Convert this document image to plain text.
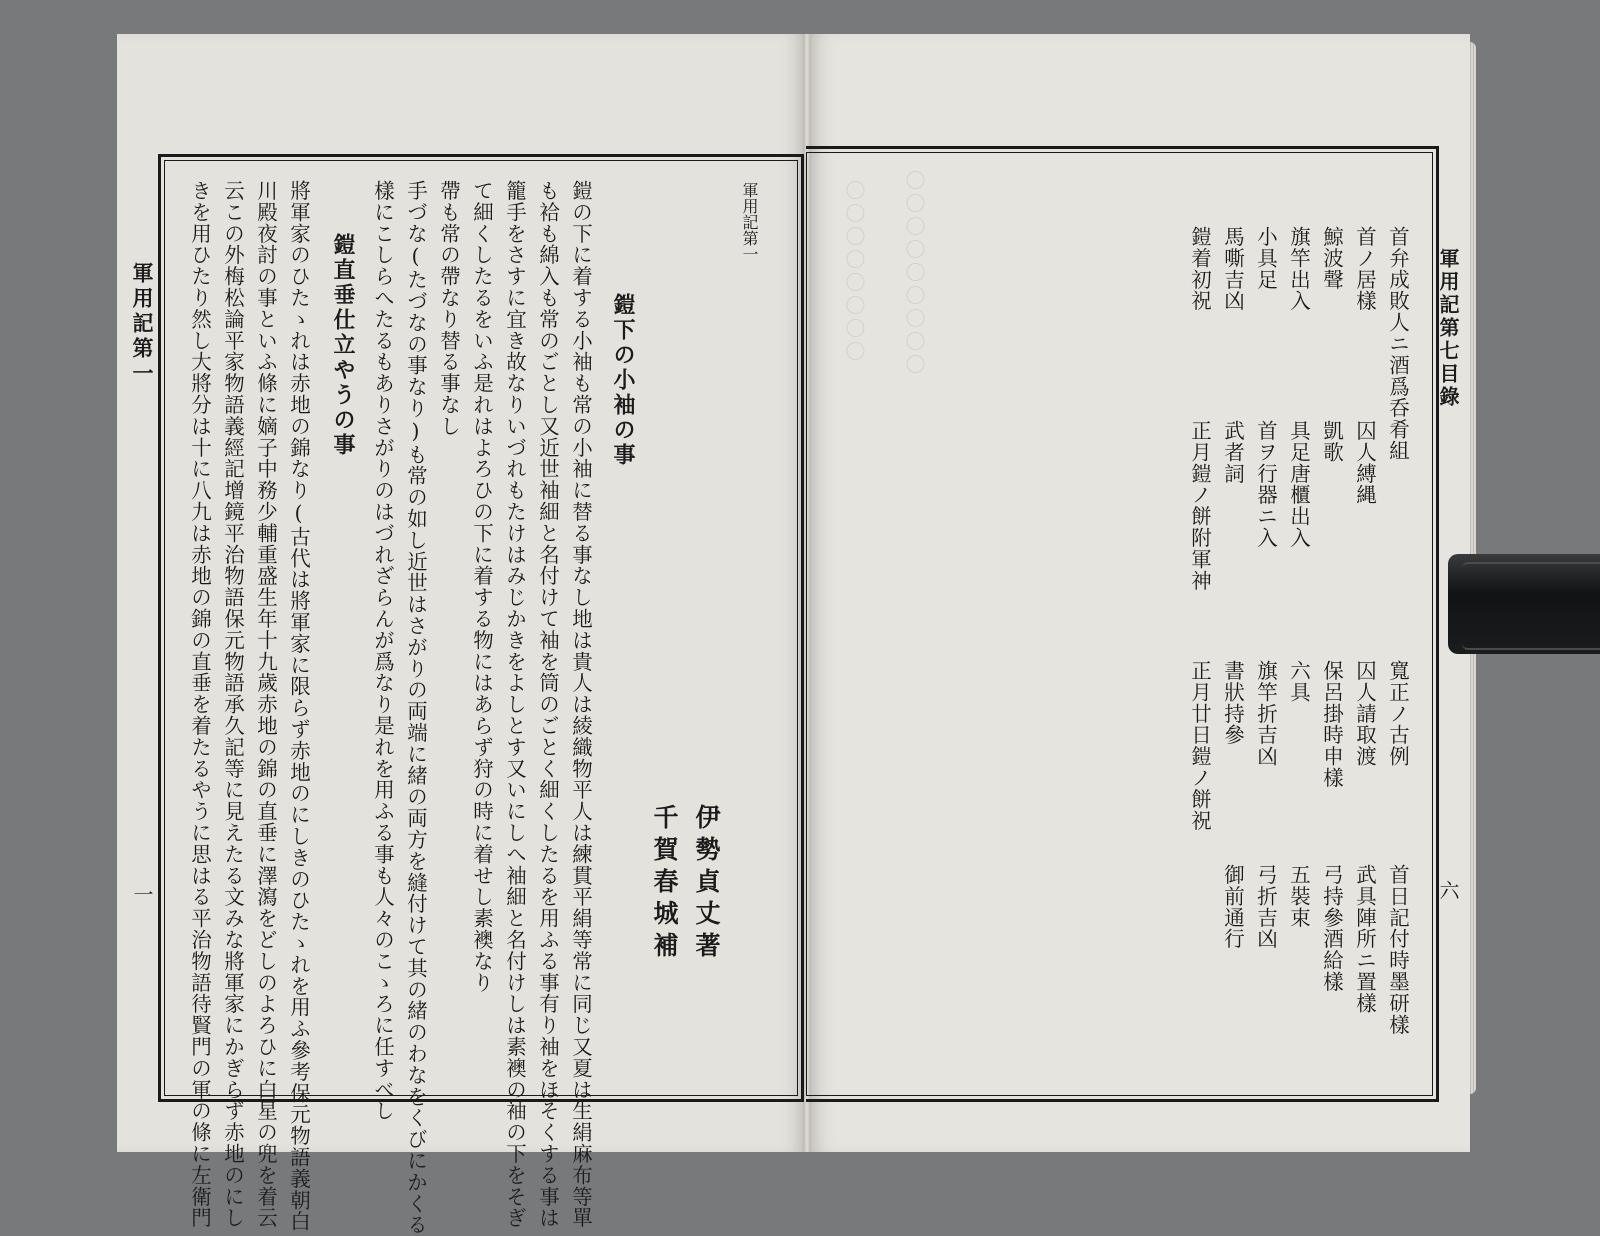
〇〇〇〇〇〇〇〇 〇〇〇〇〇〇〇〇〇
軍用記第一
一
軍用記第一
伊勢貞丈著
千賀春城補
鎧下の小袖の事
鎧の下に着する小袖も常の小袖に替る事なし地は貴人は綾織物平人は練貫平絹等常に同じ又夏は生絹麻布等單
も袷も綿入も常のごとし又近世袖細と名付けて袖を筒のごとく細くしたるを用ふる事有り袖をほそくする事は
籠手をさすに宜き故なりいづれもたけはみじかきをよしとす又いにしへ袖細と名付けしは素襖の袖の下をそぎ
て細くしたるをいふ是れはよろひの下に着する物にはあらず狩の時に着せし素襖なり
帶も常の帶なり替る事なし
手づな(たづなの事なり)も常の如し近世はさがりの両端に緒の両方を縫付けて其の緒のわなをくびにかくる
樣にこしらへたるもありさがりのはづれざらんが爲なり是れを用ふる事も人々のこゝろに任すべし
鎧直垂仕立やうの事
將軍家のひたゝれは赤地の錦なり(古代は將軍家に限らず赤地のにしきのひたゝれを用ふ參考保元物語義朝白
川殿夜討の事といふ條に嫡子中務少輔重盛生年十九歲赤地の錦の直垂に澤瀉をどしのよろひに白星の兜を着云
云この外梅松論平家物語義經記增鏡平治物語保元物語承久記等に見えたる文みな將軍家にかぎらず赤地のにし
きを用ひたり然し大將分は十に八九は赤地の錦の直垂を着たるやうに思はる平治物語待賢門の軍の條に左衛門	軍用記第七目錄
六
首弁成敗人ニ酒爲呑肴組
寬正ノ古例
首日記付時墨研樣
首ノ居樣
囚人縛縄
囚人請取渡
武具陣所ニ置樣
鯨波聲
凱歌
保呂掛時申樣
弓持參酒給樣
旗竿出入
具足唐櫃出入
六具
五裝束
小具足
首ヲ行器ニ入
旗竿折吉凶
弓折吉凶
馬嘶吉凶
武者詞
書狀持參
御前通行
鎧着初祝
正月鎧ノ餅附軍神
正月廿日鎧ノ餅祝
